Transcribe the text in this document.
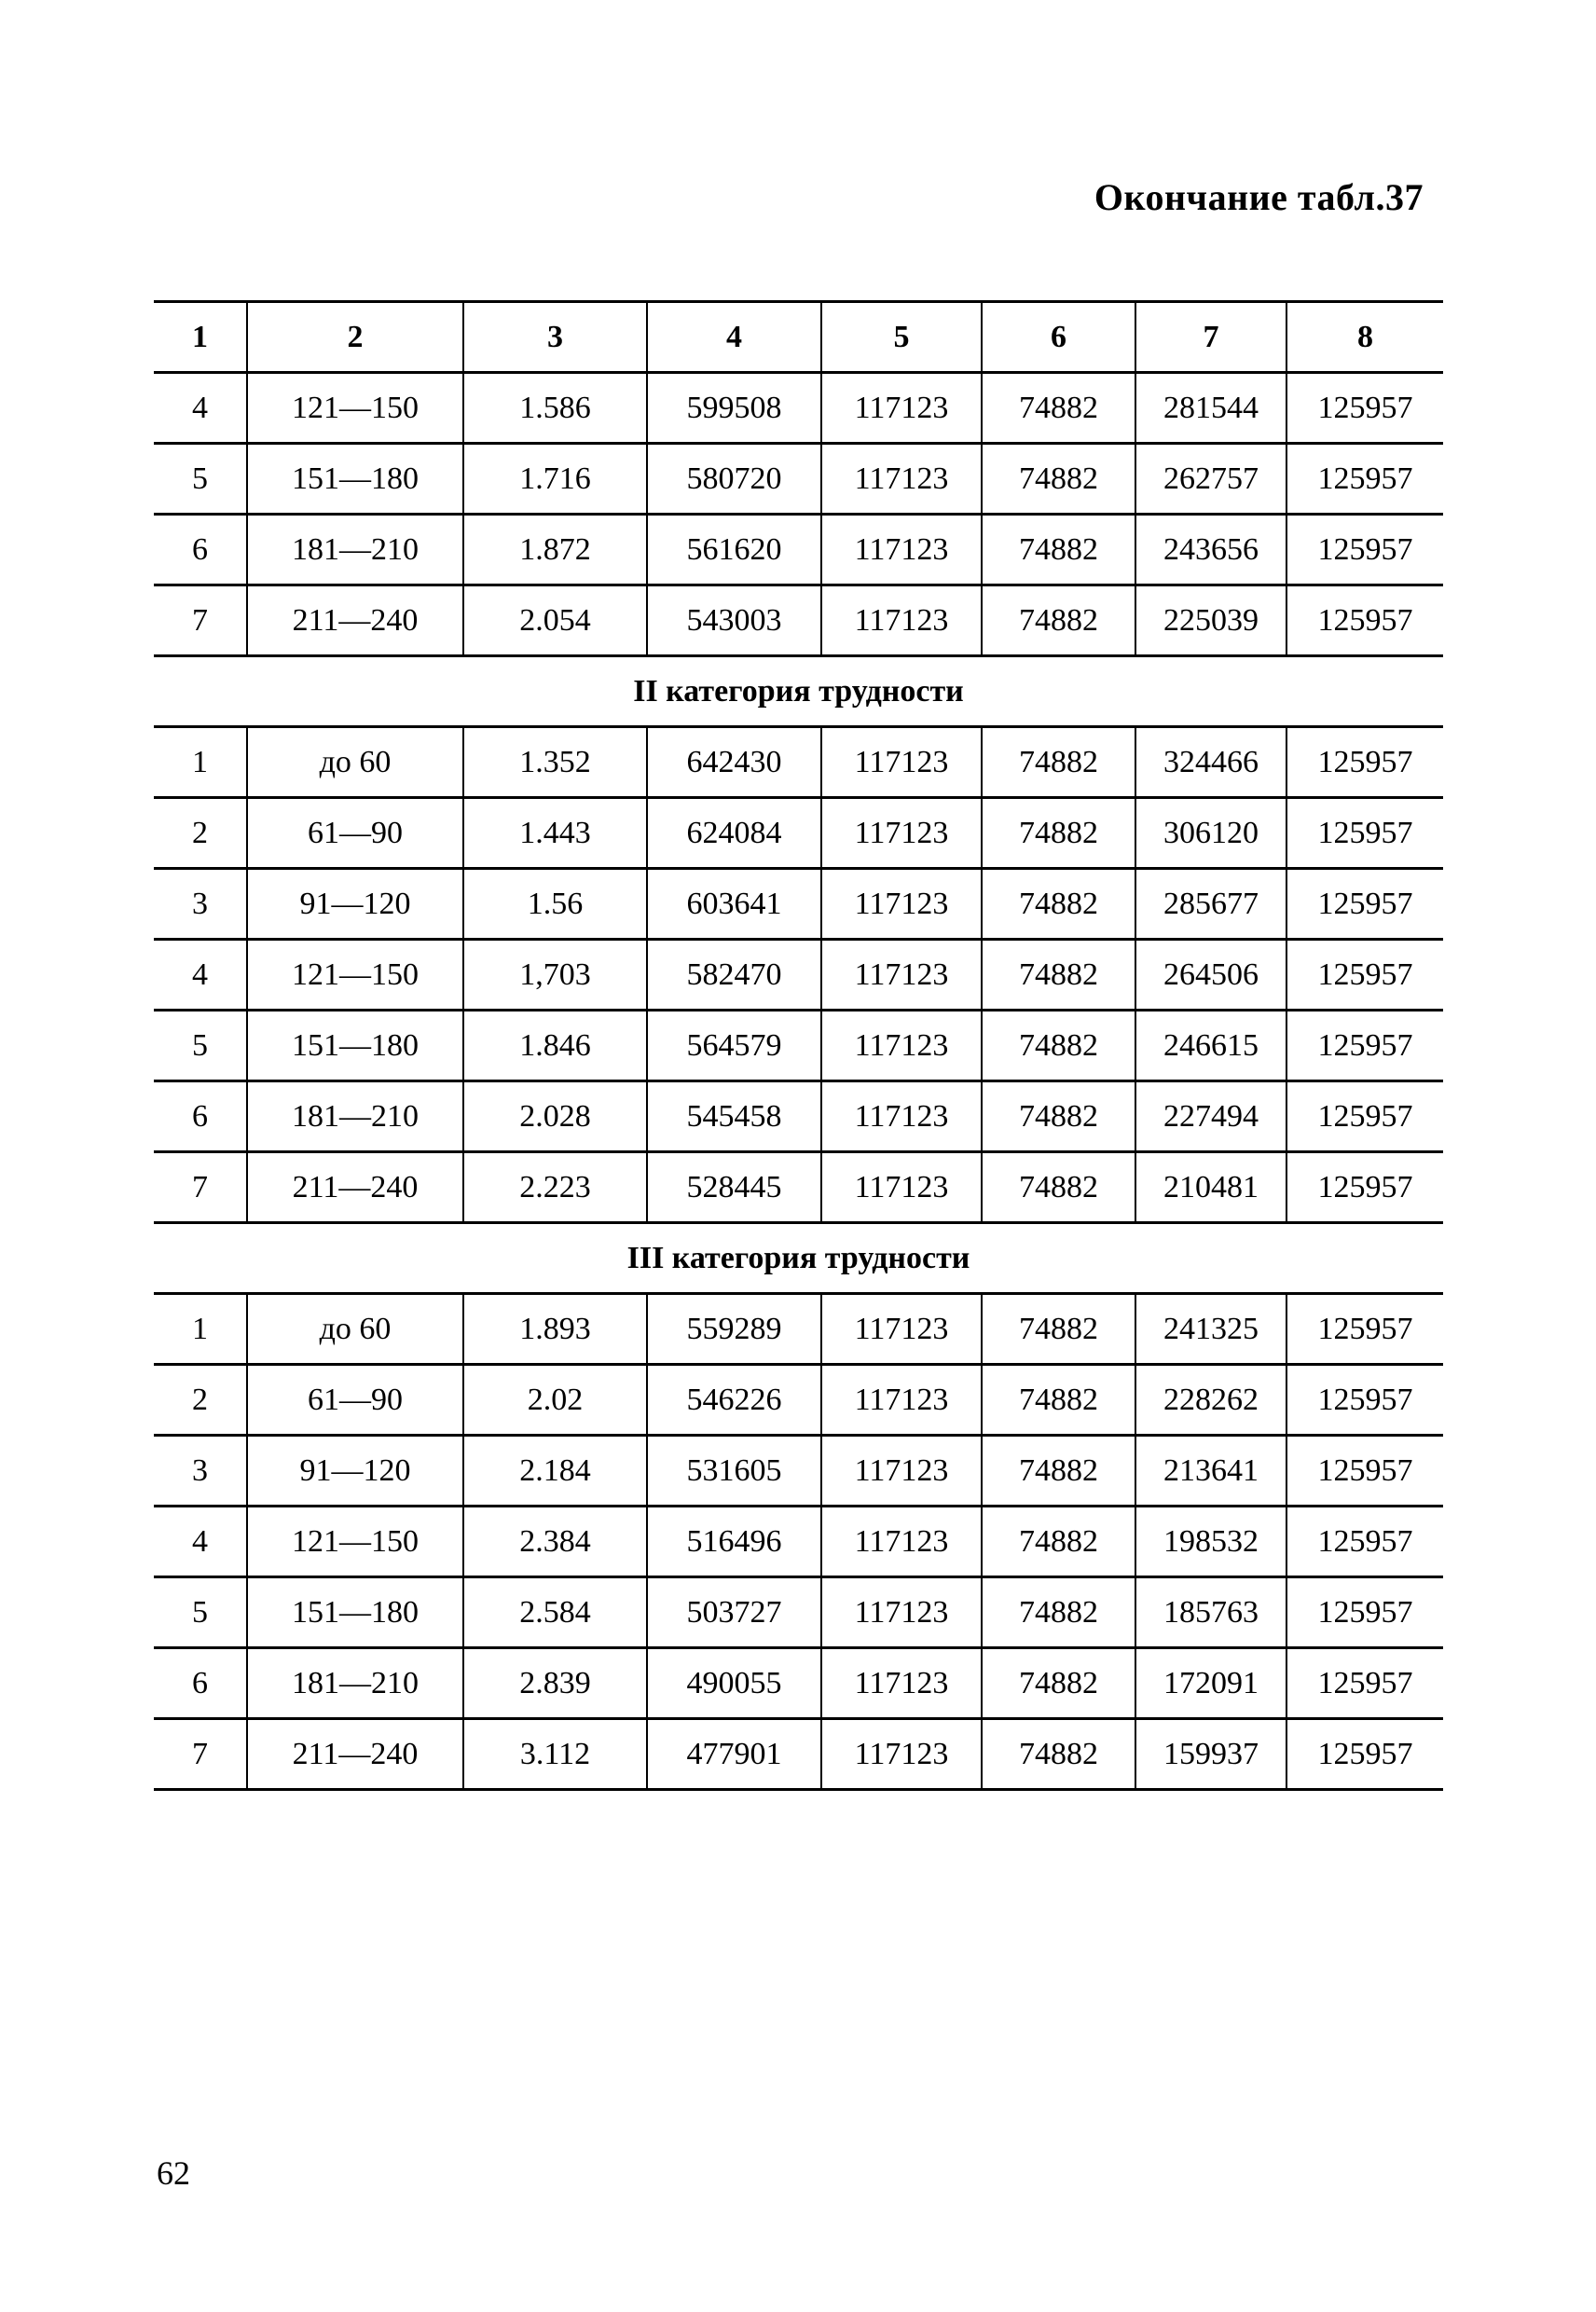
Окончание табл.37
1	2	3	4	5	6	7	8
4	121—150	1.586	599508	117123	74882	281544	125957
5	151—180	1.716	580720	117123	74882	262757	125957
6	181—210	1.872	561620	117123	74882	243656	125957
7	211—240	2.054	543003	117123	74882	225039	125957
II категория трудности							
1	до 60	1.352	642430	117123	74882	324466	125957
2	61—90	1.443	624084	117123	74882	306120	125957
3	91—120	1.56	603641	117123	74882	285677	125957
4	121—150	1,703	582470	117123	74882	264506	125957
5	151—180	1.846	564579	117123	74882	246615	125957
6	181—210	2.028	545458	117123	74882	227494	125957
7	211—240	2.223	528445	117123	74882	210481	125957
III категория трудности							
1	до 60	1.893	559289	117123	74882	241325	125957
2	61—90	2.02	546226	117123	74882	228262	125957
3	91—120	2.184	531605	117123	74882	213641	125957
4	121—150	2.384	516496	117123	74882	198532	125957
5	151—180	2.584	503727	117123	74882	185763	125957
6	181—210	2.839	490055	117123	74882	172091	125957
7	211—240	3.112	477901	117123	74882	159937	125957
62
